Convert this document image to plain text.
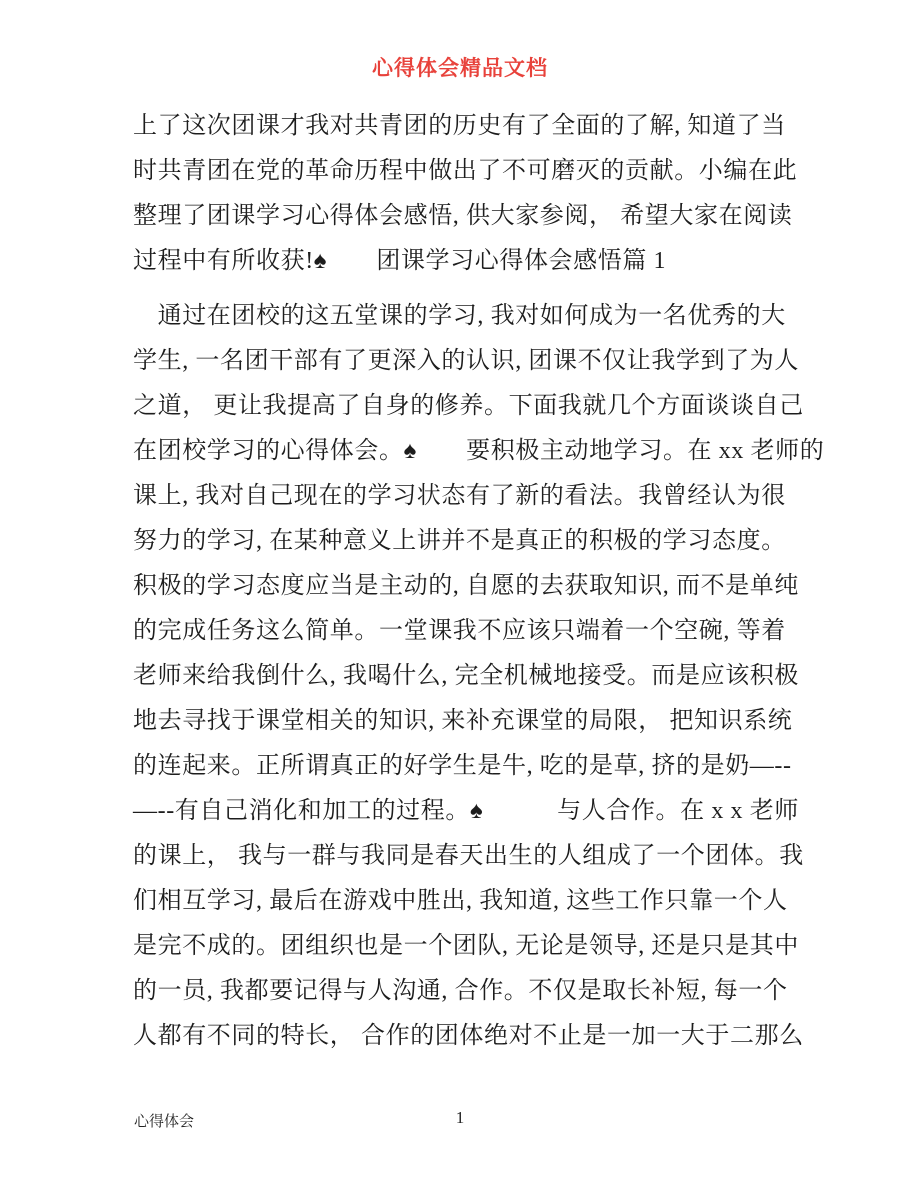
心得体会精品文档
上了这次团课才我对共青团的历史有了全面的了解, 知道了当
时共青团在党的革命历程中做出了不可磨灭的贡献。小编在此
整理了团课学习心得体会感悟, 供大家参阅， 希望大家在阅读
过程中有所收获!♠　　团课学习心得体会感悟篇 1
　通过在团校的这五堂课的学习, 我对如何成为一名优秀的大
学生, 一名团干部有了更深入的认识, 团课不仅让我学到了为人
之道， 更让我提高了自身的修养。下面我就几个方面谈谈自己
在团校学习的心得体会。♠　　要积极主动地学习。在 xx 老师的
课上, 我对自己现在的学习状态有了新的看法。我曾经认为很
努力的学习, 在某种意义上讲并不是真正的积极的学习态度。
积极的学习态度应当是主动的, 自愿的去获取知识, 而不是单纯
的完成任务这么简单。一堂课我不应该只端着一个空碗, 等着
老师来给我倒什么, 我喝什么, 完全机械地接受。而是应该积极
地去寻找于课堂相关的知识, 来补充课堂的局限， 把知识系统
的连起来。正所谓真正的好学生是牛, 吃的是草, 挤的是奶—--
—--有自己消化和加工的过程。♠　　　与人合作。在 x x 老师
的课上， 我与一群与我同是春天出生的人组成了一个团体。我
们相互学习, 最后在游戏中胜出, 我知道, 这些工作只靠一个人
是完不成的。团组织也是一个团队, 无论是领导, 还是只是其中
的一员, 我都要记得与人沟通, 合作。不仅是取长补短, 每一个
人都有不同的特长， 合作的团体绝对不止是一加一大于二那么
心得体会	1
